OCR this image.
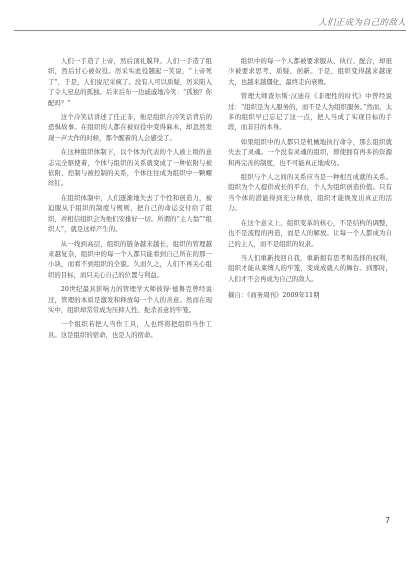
人们正成为自己的敌人

人们一手造了上帝，然后顶礼膜拜。人们一手造了组织，然后甘心被奴役。厉采实此役翘起一笑说，“上帝死了”，于是，人们说尼采疯了。没有人可以质疑，厉采陷入了令人窒息的孤独。后来后布一边戚戚地冷笑：“孤独？你配吗？”

这个冷笑话讲述了任正非，他是组织合冷笑话背后的恐惧故事。在组织的人都在被奴役中变得麻木，却忽然发现一声大作的时候，那个醒着的人会感受了。

在这种组织体制下，以个体为代表的个人被上级的意志完全驱使着，个体与组织的关系就变成了一种依附与被依附、控制与被控制的关系，个体往往成为组织中一颗螺丝钉。

在组织体制中，人们逐渐地失去了个性和创造力，被迫服从于组织的制度与规则，把自己的命运交付给了组织，并相信组织会为他们安排好一切。所谓的“主人翁”“组织人”，就是这样产生的。

从一线到高层，组织的链条越来越长，组织的管理越来越复杂，组织中的每一个人都只能看到自己所在的那一小块，而看不到组织的全貌。久而久之，人们不再关心组织的目标，而只关心自己的位置与利益。

20世纪最具影响力的管理学大师彼得·德鲁克曾经说过，管理的本质是激发和释放每一个人的善意。然而在现实中，组织却常常成为压抑人性、扼杀善意的牢笼。

一个组织若把人当作工具，人也终将把组织当作工具。这是组织的宿命，也是人的宿命。

组织中的每一个人都被要求服从、执行、配合，却很少被要求思考、质疑、创新。于是，组织变得越来越庞大，也越来越僵化，最终走向衰败。

管理大师查尔斯·汉迪在《非理性的时代》中曾经说过：“组织是为人服务的，而不是人为组织服务。”然而，太多的组织早已忘记了这一点，把人当成了实现目标的手段，而非目的本身。

如果组织中的人都只是机械地执行命令，那么组织就失去了灵魂。一个没有灵魂的组织，即使拥有再多的资源和再完善的制度，也不可能真正地成功。

组织与个人之间的关系应当是一种相互成就的关系。组织为个人提供成长的平台，个人为组织创造价值。只有当个体的潜能得到充分释放，组织才能焕发出真正的活力。

在这个意义上，组织变革的核心，不是结构的调整，也不是流程的再造，而是人的解放。让每一个人都成为自己的主人，而不是组织的奴隶。

当人们重新找回自我，重新拥有思考和选择的权利，组织才能从束缚人的牢笼，变成成就人的舞台。到那时，人们才不会再成为自己的敌人。

摘自：《商务周刊》2009年11期

7
